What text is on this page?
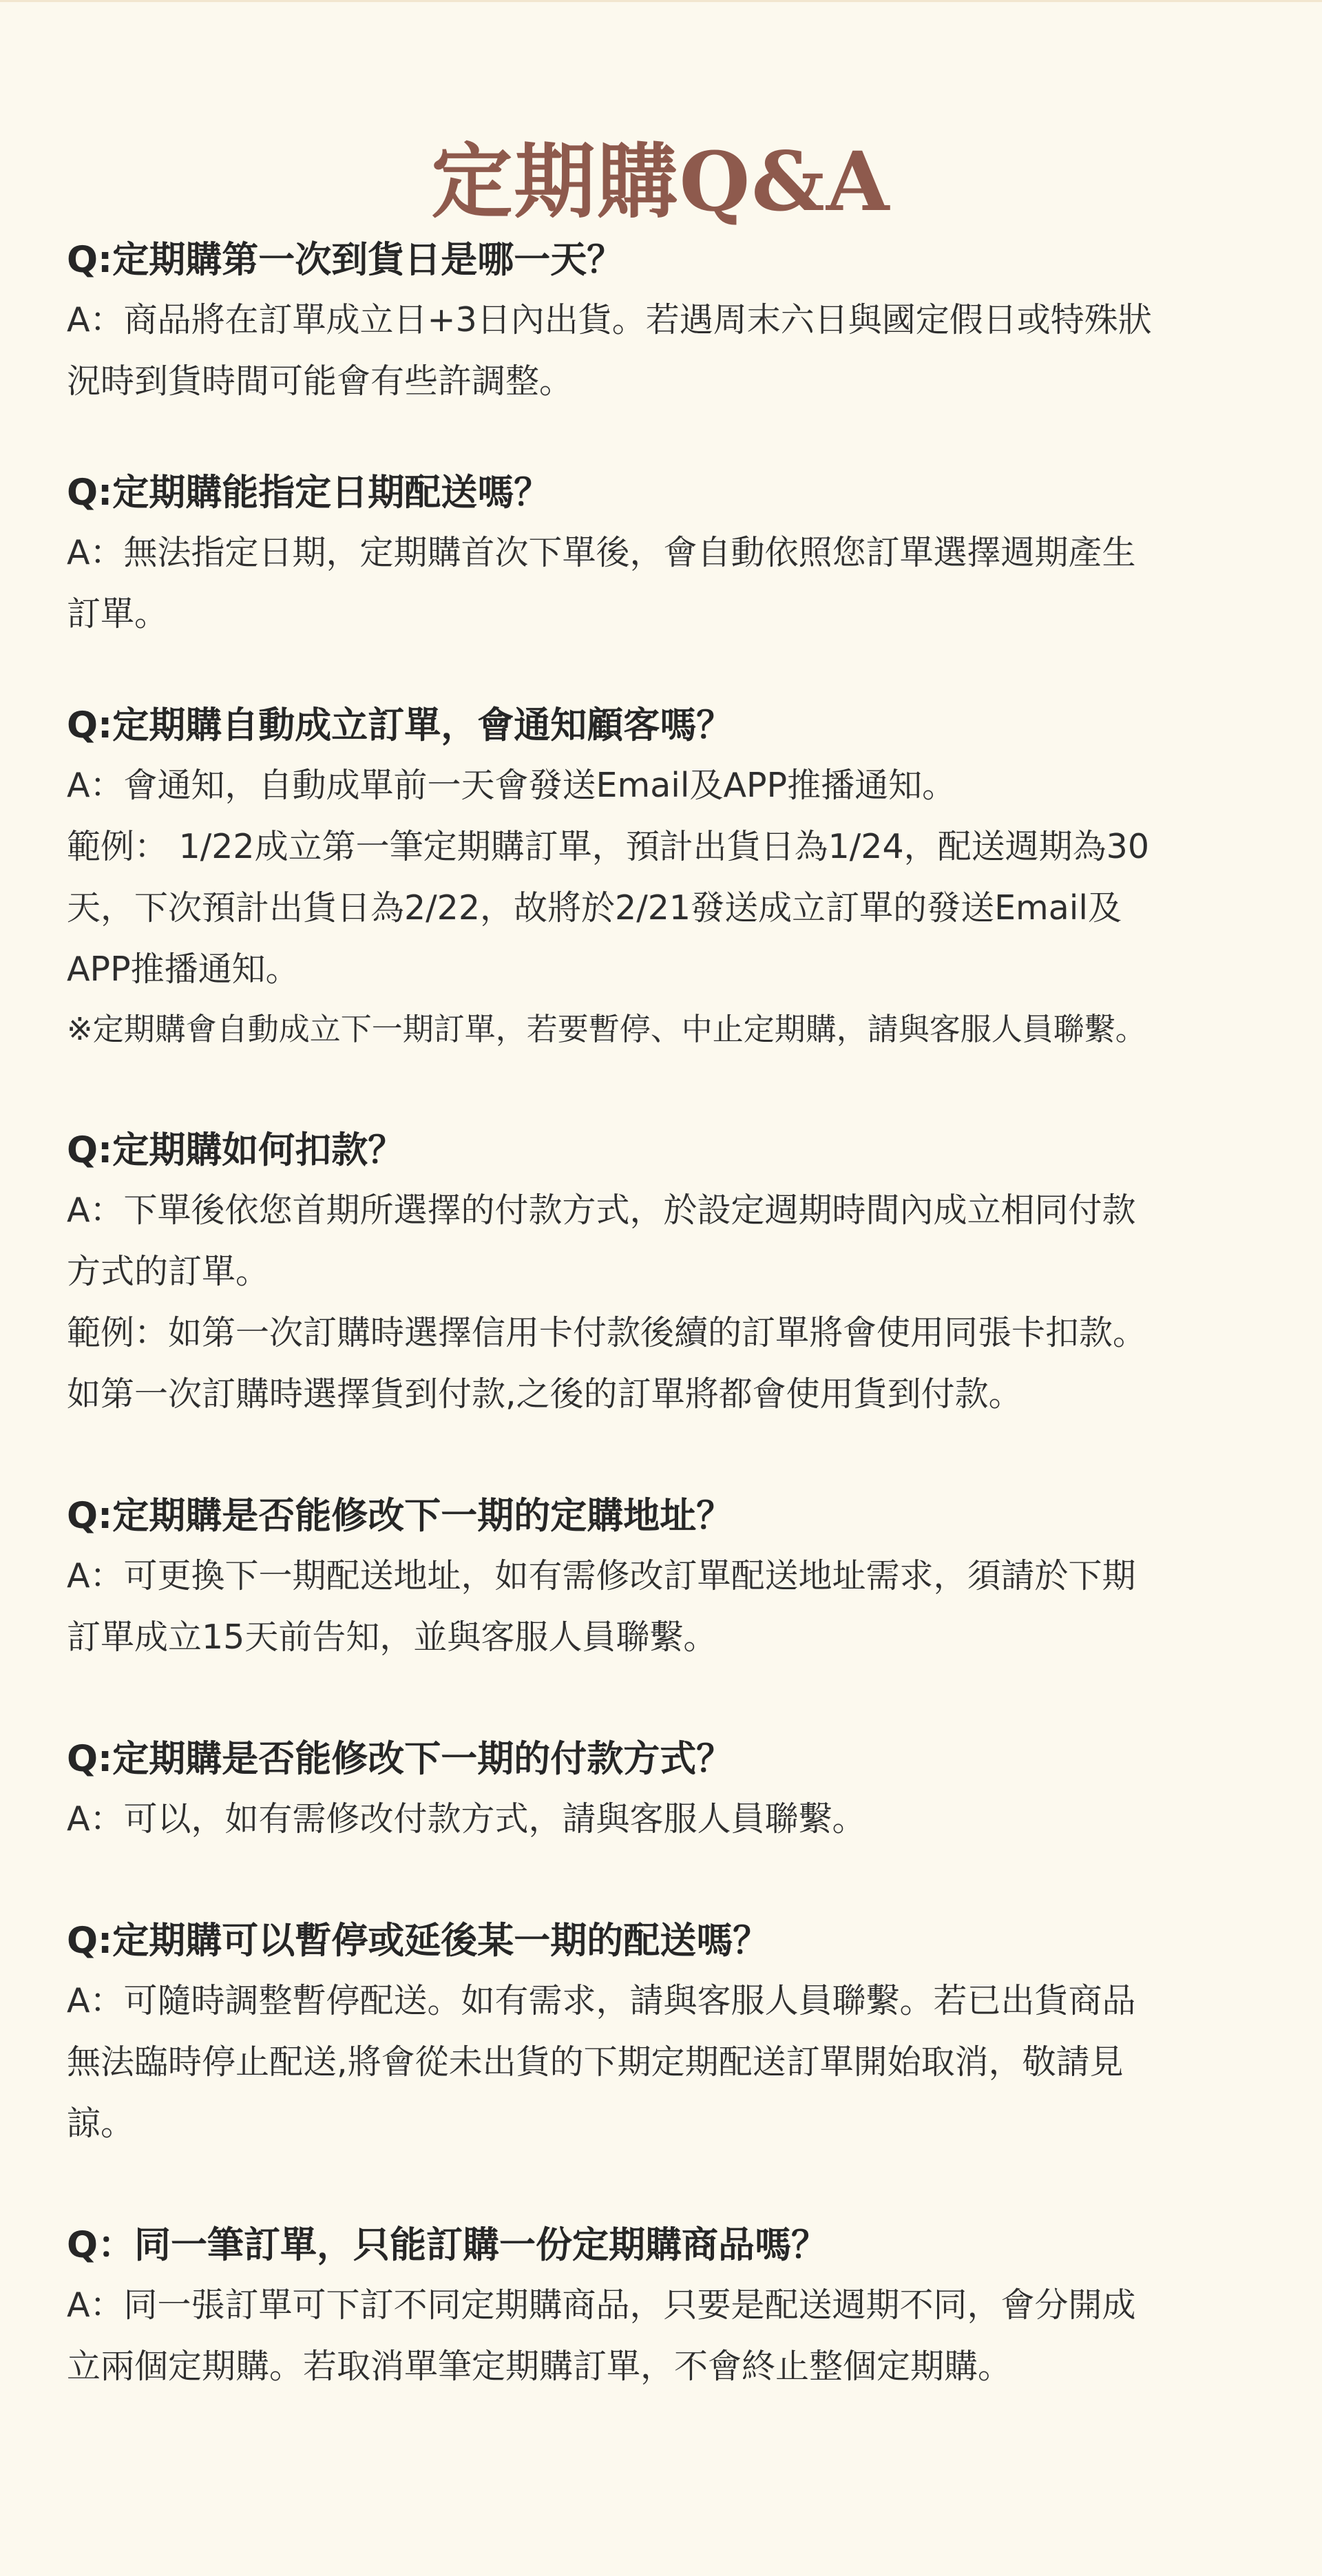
定期購Q&A
Q:定期購第一次到貨日是哪一天？

A：商品將在訂單成立日+3日內出貨。若遇周末六日與國定假日或特殊狀

況時到貨時間可能會有些許調整。

Q:定期購能指定日期配送嗎？

A：無法指定日期，定期購首次下單後，會自動依照您訂單選擇週期產生

訂單。

Q:定期購自動成立訂單，會通知顧客嗎？

A：會通知，自動成單前一天會發送Email及APP推播通知。

範例： 1/22成立第一筆定期購訂單，預計出貨日為1/24，配送週期為30

天，下次預計出貨日為2/22，故將於2/21發送成立訂單的發送Email及

APP推播通知。

※定期購會自動成立下一期訂單，若要暫停、中止定期購，請與客服人員聯繫。

Q:定期購如何扣款？

A：下單後依您首期所選擇的付款方式，於設定週期時間內成立相同付款

方式的訂單。

範例：如第一次訂購時選擇信用卡付款後續的訂單將會使用同張卡扣款。

如第一次訂購時選擇貨到付款,之後的訂單將都會使用貨到付款。

Q:定期購是否能修改下一期的定購地址？

A：可更換下一期配送地址，如有需修改訂單配送地址需求，須請於下期

訂單成立15天前告知，並與客服人員聯繫。

Q:定期購是否能修改下一期的付款方式？

A：可以，如有需修改付款方式，請與客服人員聯繫。

Q:定期購可以暫停或延後某一期的配送嗎？

A：可隨時調整暫停配送。如有需求，請與客服人員聯繫。若已出貨商品

無法臨時停止配送,將會從未出貨的下期定期配送訂單開始取消，敬請見

諒。

Q：同一筆訂單，只能訂購一份定期購商品嗎？

A：同一張訂單可下訂不同定期購商品，只要是配送週期不同，會分開成

立兩個定期購。若取消單筆定期購訂單，不會終止整個定期購。
